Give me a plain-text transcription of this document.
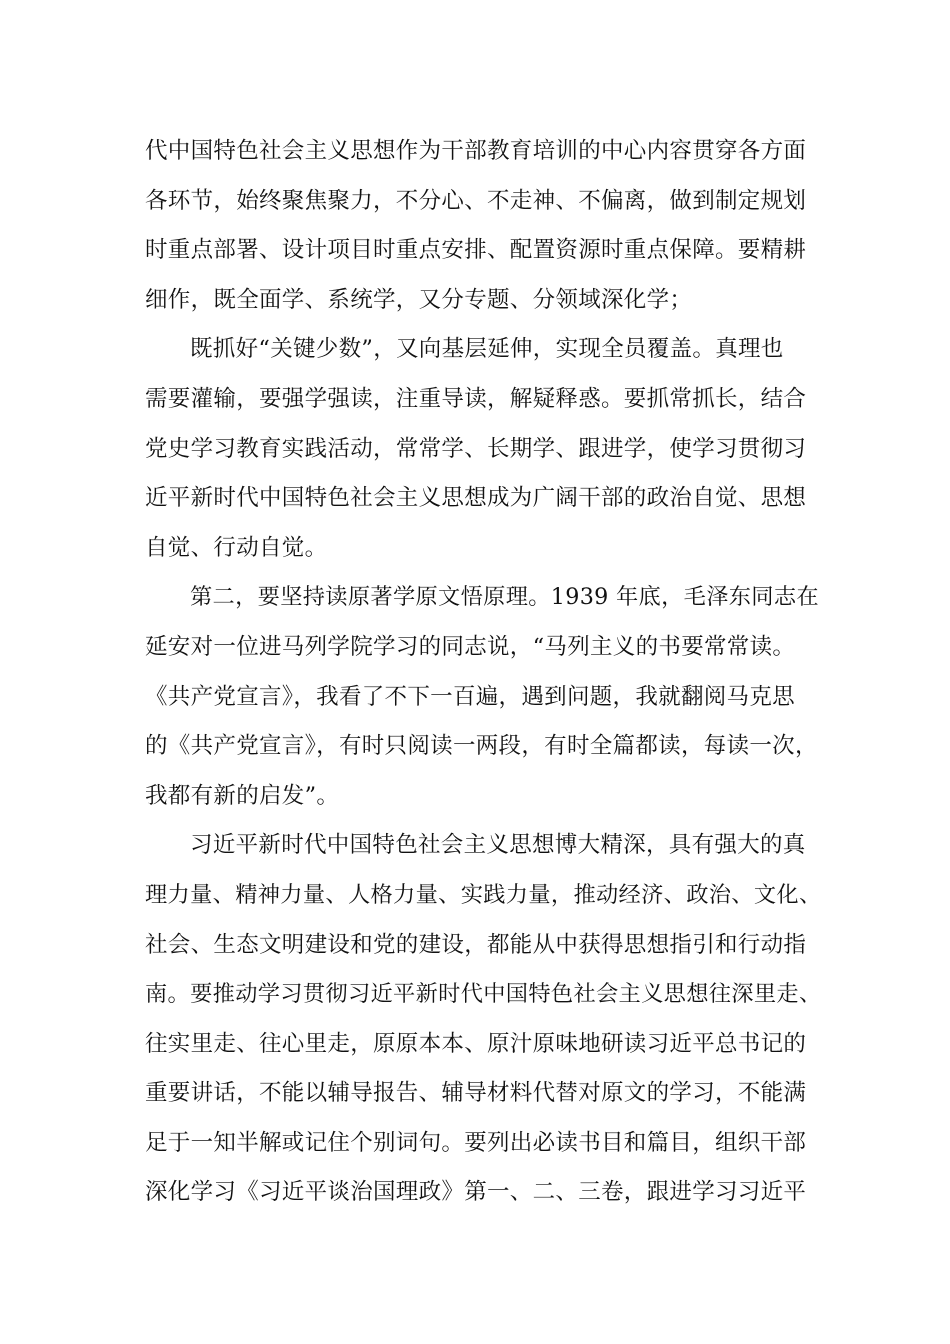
代中国特色社会主义思想作为干部教育培训的中心内容贯穿各方面
各环节，始终聚焦聚力，不分心、不走神、不偏离，做到制定规划
时重点部署、设计项目时重点安排、配置资源时重点保障。要精耕
细作，既全面学、系统学，又分专题、分领域深化学；
既抓好“关键少数”，又向基层延伸，实现全员覆盖。真理也
需要灌输，要强学强读，注重导读，解疑释惑。要抓常抓长，结合
党史学习教育实践活动，常常学、长期学、跟进学，使学习贯彻习
近平新时代中国特色社会主义思想成为广阔干部的政治自觉、思想
自觉、行动自觉。
第二，要坚持读原著学原文悟原理。1939 年底，毛泽东同志在
延安对一位进马列学院学习的同志说，“马列主义的书要常常读。
《共产党宣言》，我看了不下一百遍，遇到问题，我就翻阅马克思
的《共产党宣言》，有时只阅读一两段，有时全篇都读，每读一次，
我都有新的启发”。
习近平新时代中国特色社会主义思想博大精深，具有强大的真
理力量、精神力量、人格力量、实践力量，推动经济、政治、文化、
社会、生态文明建设和党的建设，都能从中获得思想指引和行动指
南。要推动学习贯彻习近平新时代中国特色社会主义思想往深里走、
往实里走、往心里走，原原本本、原汁原味地研读习近平总书记的
重要讲话，不能以辅导报告、辅导材料代替对原文的学习，不能满
足于一知半解或记住个别词句。要列出必读书目和篇目，组织干部
深化学习《习近平谈治国理政》第一、二、三卷，跟进学习习近平
